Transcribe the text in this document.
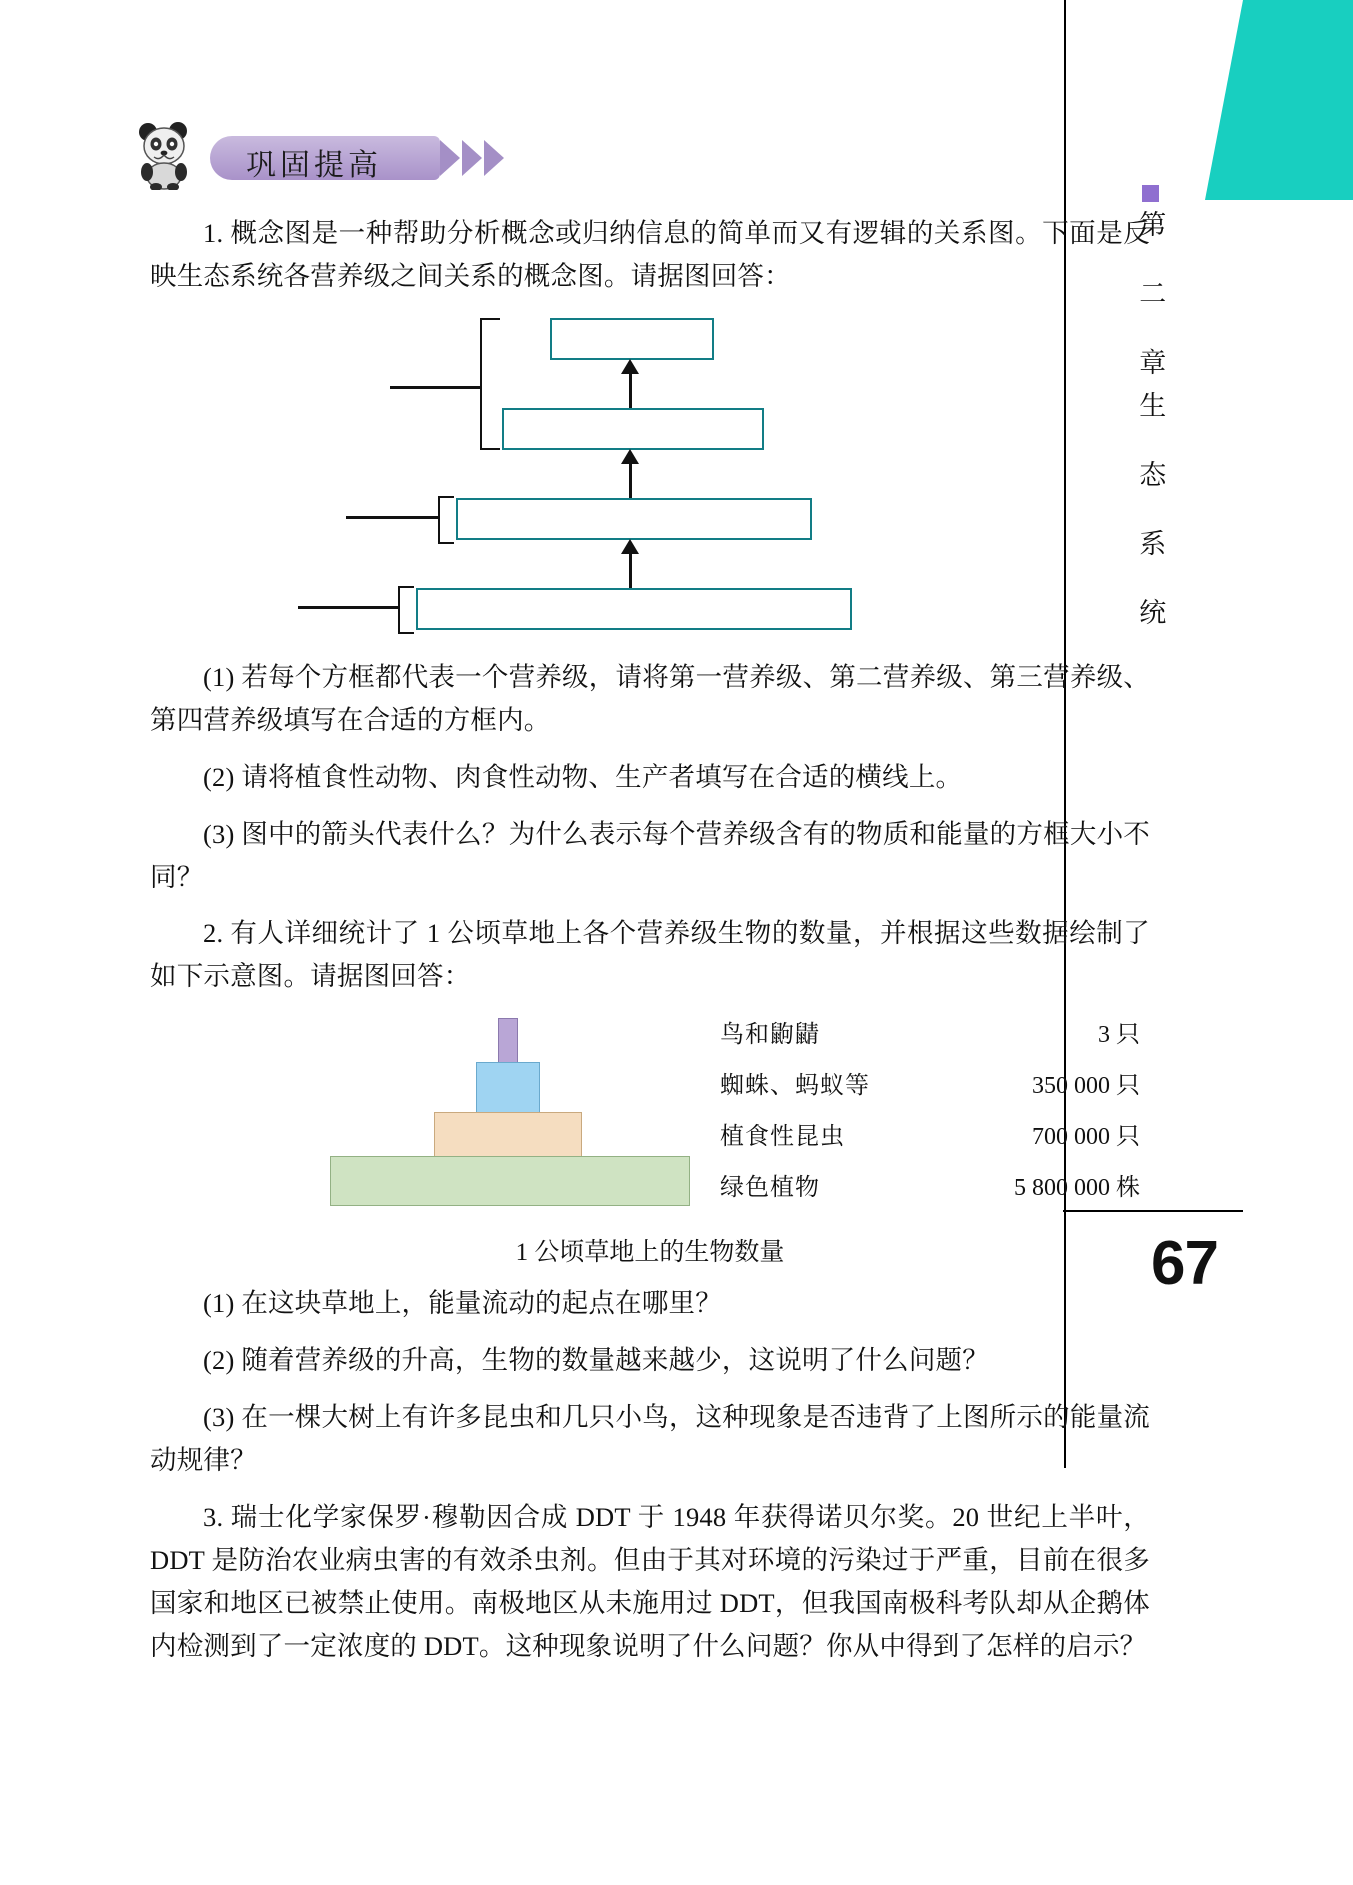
第 二 章
生 态 系 统
67
巩固提高

1. 概念图是一种帮助分析概念或归纳信息的简单而又有逻辑的关系图。下面是反映生态系统各营养级之间关系的概念图。请据图回答：

(1) 若每个方框都代表一个营养级，请将第一营养级、第二营养级、第三营养级、第四营养级填写在合适的方框内。

(2) 请将植食性动物、肉食性动物、生产者填写在合适的横线上。

(3) 图中的箭头代表什么？为什么表示每个营养级含有的物质和能量的方框大小不同？

2. 有人详细统计了 1 公顷草地上各个营养级生物的数量，并根据这些数据绘制了如下示意图。请据图回答：

鸟和鼩鼱	3 只
蜘蛛、蚂蚁等	350 000 只
植食性昆虫	700 000 只
绿色植物	5 800 000 株
1 公顷草地上的生物数量

(1) 在这块草地上，能量流动的起点在哪里？

(2) 随着营养级的升高，生物的数量越来越少，这说明了什么问题？

(3) 在一棵大树上有许多昆虫和几只小鸟，这种现象是否违背了上图所示的能量流动规律？

3. 瑞士化学家保罗·穆勒因合成 DDT 于 1948 年获得诺贝尔奖。20 世纪上半叶，DDT 是防治农业病虫害的有效杀虫剂。但由于其对环境的污染过于严重，目前在很多国家和地区已被禁止使用。南极地区从未施用过 DDT，但我国南极科考队却从企鹅体内检测到了一定浓度的 DDT。这种现象说明了什么问题？你从中得到了怎样的启示？
